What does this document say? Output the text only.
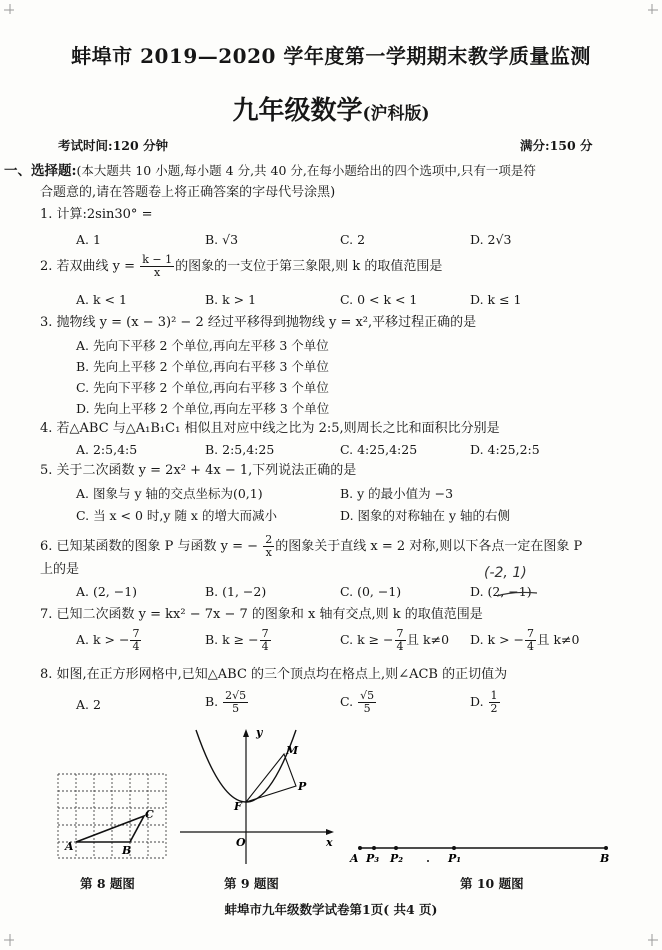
蚌埠市 2019—2020 学年度第一学期期末教学质量监测
九年级数学(沪科版)
考试时间:120 分钟	满分:150 分
一、选择题:(本大题共 10 小题,每小题 4 分,共 40 分,在每小题给出的四个选项中,只有一项是符
合题意的,请在答题卷上将正确答案的字母代号涂黑)
1. 计算:2sin30° =
A. 1	B. √3	C. 2	D. 2√3
2. 若双曲线 $y = \frac{k - 1}{x}$ 的图象的一支位于第三象限,则 k 的取值范围是
A. k < 1	B. k > 1	C. 0 < k < 1	D. k ≤ 1
3. 抛物线 y = (x − 3)² − 2 经过平移得到抛物线 y = x²,平移过程正确的是
A. 先向下平移 2 个单位,再向左平移 3 个单位
B. 先向上平移 2 个单位,再向右平移 3 个单位
C. 先向下平移 2 个单位,再向右平移 3 个单位
D. 先向上平移 2 个单位,再向左平移 3 个单位
4. 若△ABC 与△A₁B₁C₁ 相似且对应中线之比为 2:5,则周长之比和面积比分别是
A. 2:5,4:5	B. 2:5,4:25	C. 4:25,4:25	D. 4:25,2:5
5. 关于二次函数 y = 2x² + 4x − 1,下列说法正确的是
A. 图象与 y 轴的交点坐标为(0,1)	B. y 的最小值为 −3
C. 当 x < 0 时,y 随 x 的增大而减小	D. 图象的对称轴在 y 轴的右侧
6. 已知某函数的图象 P 与函数 y = − $\frac{2}{x}$ 的图象关于直线 x = 2 对称,则以下各点一定在图象 P
上的是
A. (2, −1)	B. (1, −2)	C. (0, −1)	D. (2, −1)
(-2, 1)
7. 已知二次函数 y = kx² − 7x − 7 的图象和 x 轴有交点,则 k 的取值范围是
A. k > − $\frac{7}{4}$	B. k ≥ − $\frac{7}{4}$	C. k ≥ − $\frac{7}{4}$ 且 k≠0 D. k > − $\frac{7}{4}$ 且 k≠0
8. 如图,在正方形网格中,已知△ABC 的三个顶点均在格点上,则∠ACB 的正切值为
A. 2	B. $\frac{2√5}{5}$	C. $\frac{√5}{5}$	D. $\frac{1}{2}$
A	B
C
第 8 题图
y
x
O
F
M
P
第 9 题图
A P₃ P₂	P₁	B
第 10 题图
蚌埠市九年级数学试卷第1页( 共4 页)
